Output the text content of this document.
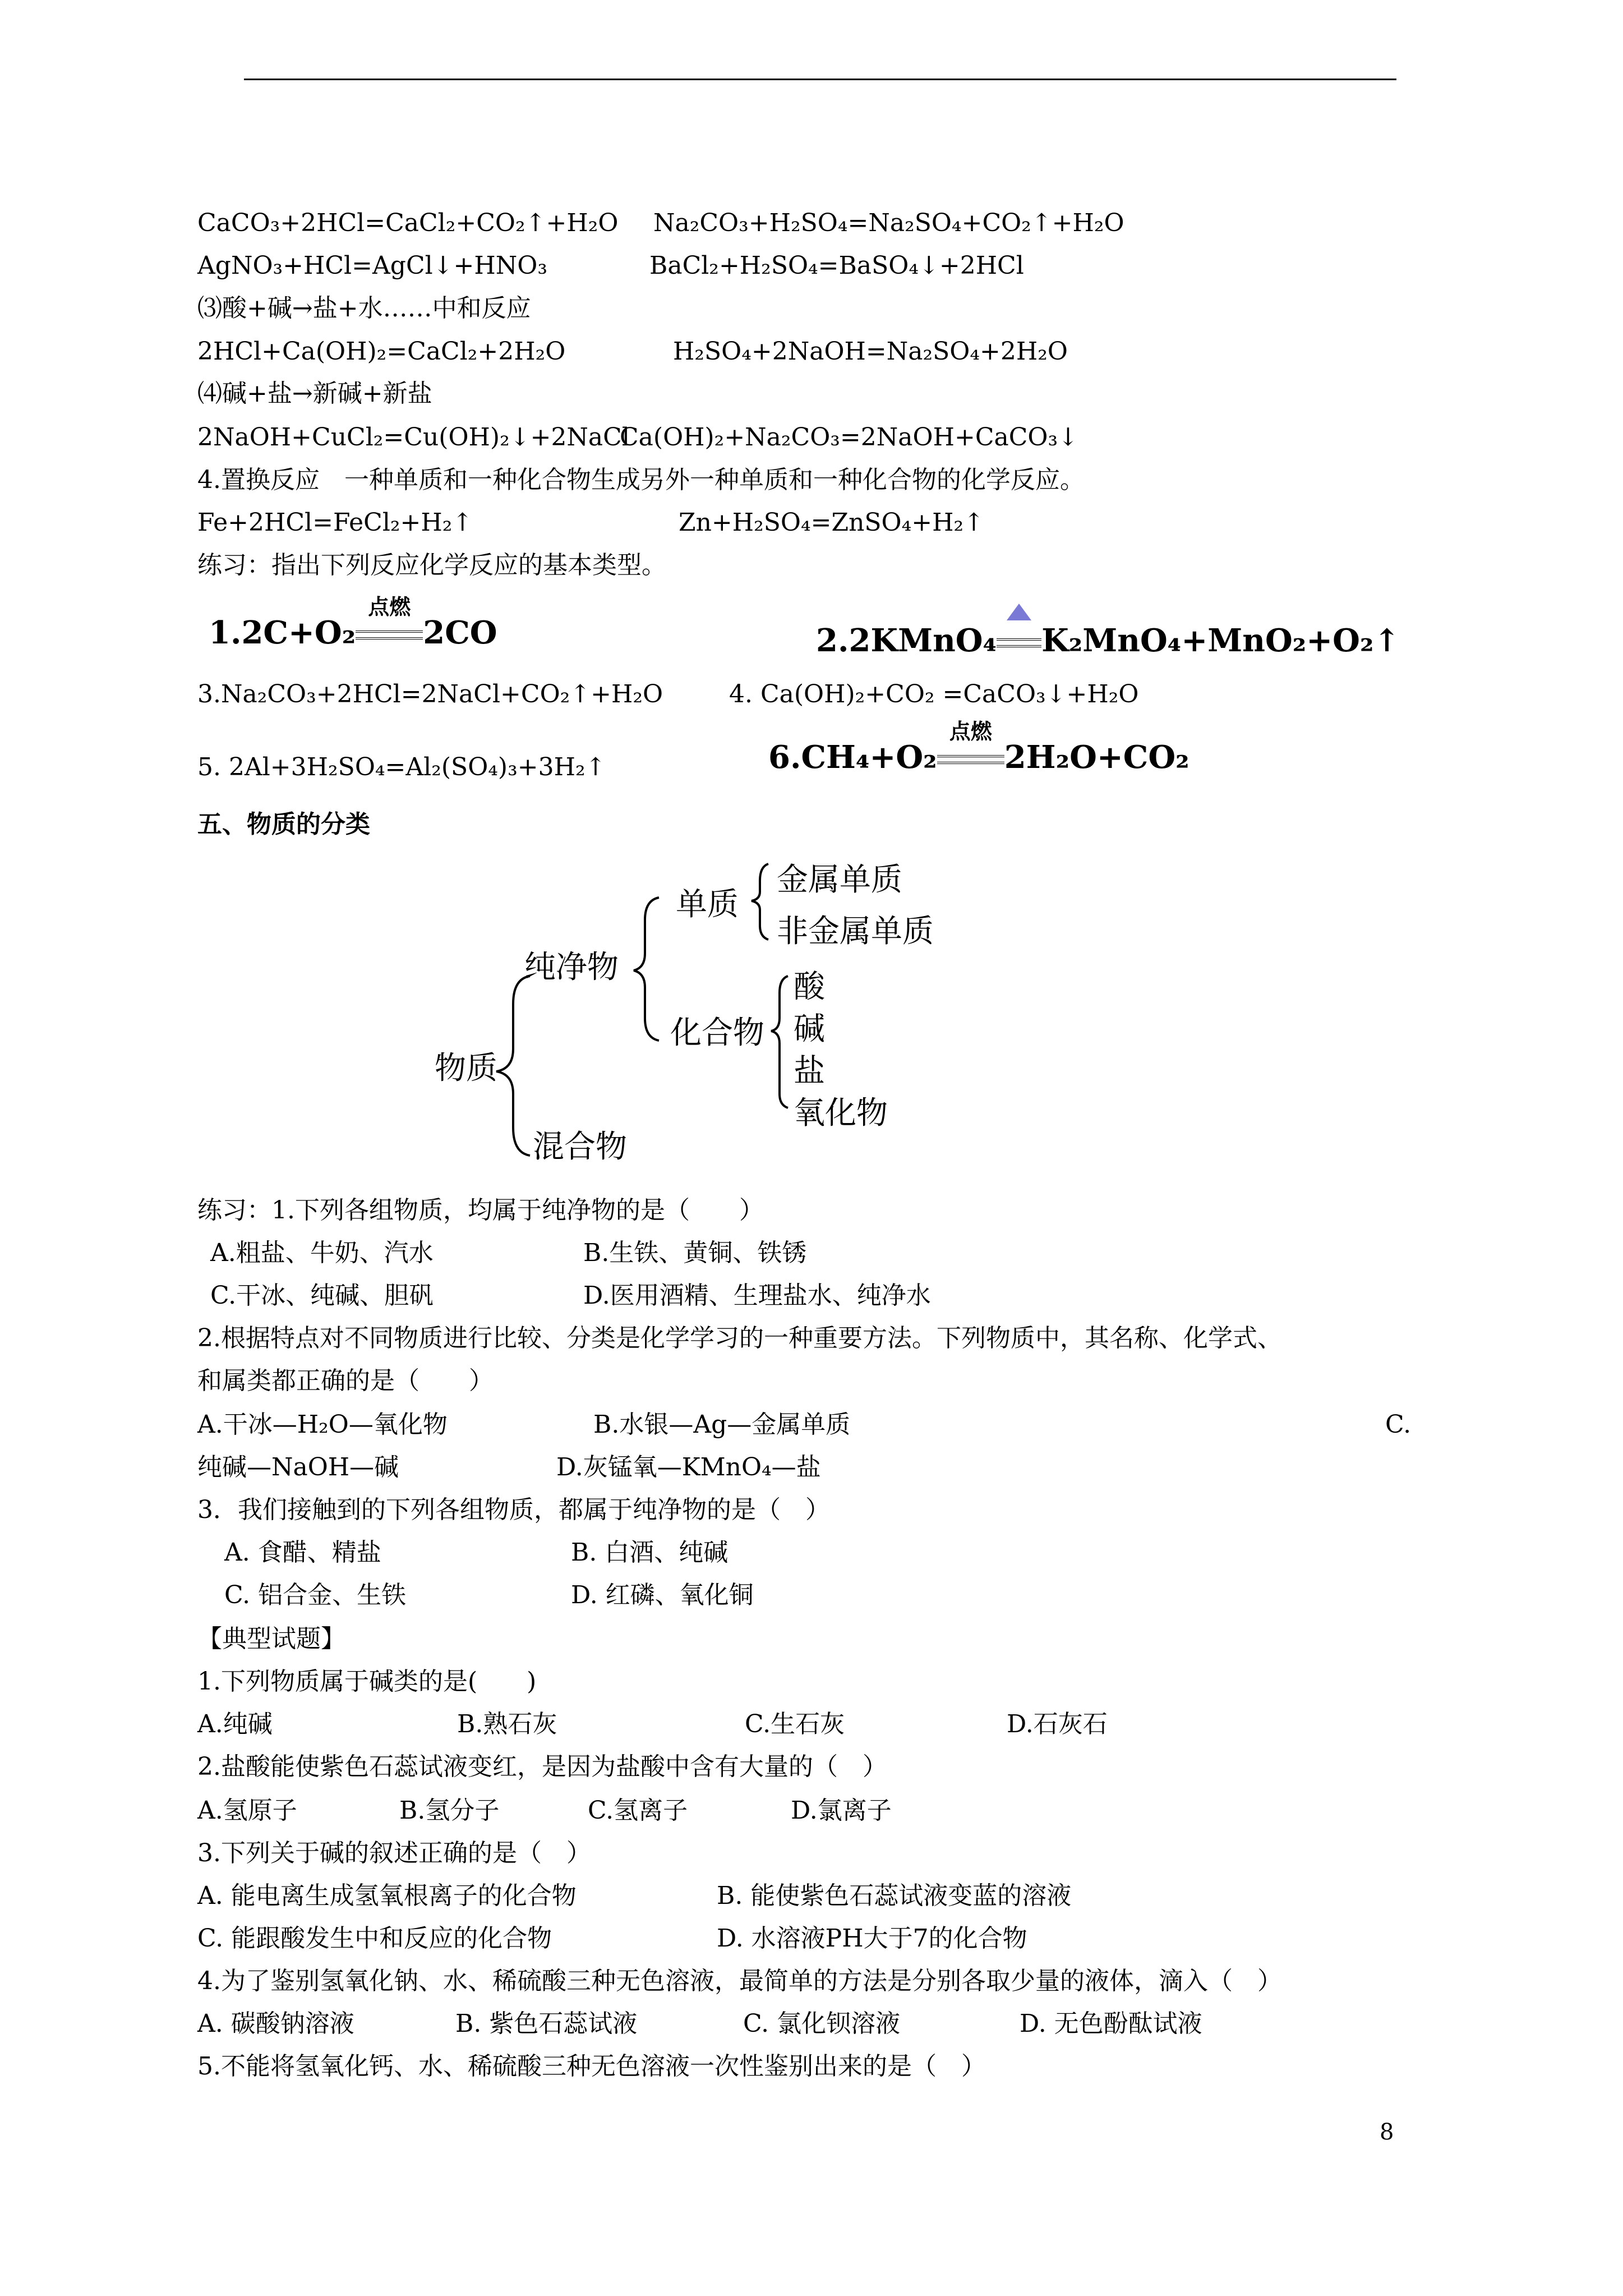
CaCO₃+2HCl=CaCl₂+CO₂↑+H₂O Na₂CO₃+H₂SO₄=Na₂SO₄+CO₂↑+H₂O
AgNO₃+HCl=AgCl↓+HNO₃	BaCl₂+H₂SO₄=BaSO₄↓+2HCl
⑶酸+碱→盐+水……中和反应
2HCl+Ca(OH)₂=CaCl₂+2H₂O	H₂SO₄+2NaOH=Na₂SO₄+2H₂O
⑷碱+盐→新碱+新盐
2NaOH+CuCl₂=Cu(OH)₂↓+2NaCl
Ca(OH)₂+Na₂CO₃=2NaOH+CaCO₃↓
4.置换反应　一种单质和一种化合物生成另外一种单质和一种化合物的化学反应。
Fe+2HCl=FeCl₂+H₂↑	Zn+H₂SO₄=ZnSO₄+H₂↑
练习：指出下列反应化学反应的基本类型。
1.2C+O₂
点燃
2CO	2.2KMnO₄ K₂MnO₄+MnO₂+O₂↑
3.Na₂CO₃+2HCl=2NaCl+CO₂↑+H₂O	4. Ca(OH)₂+CO₂ =CaCO₃↓+H₂O
5. 2Al+3H₂SO₄=Al₂(SO₄)₃+3H₂↑	6.CH₄+O₂
点燃
2H₂O+CO₂
五、物质的分类
物质
纯净物
混合物
单质
金属单质
非金属单质
化合物
酸
碱
盐
氧化物
练习：1.下列各组物质，均属于纯净物的是（　　）
A.粗盐、牛奶、汽水	B.生铁、黄铜、铁锈
C.干冰、纯碱、胆矾	D.医用酒精、生理盐水、纯净水
2.根据特点对不同物质进行比较、分类是化学学习的一种重要方法。下列物质中，其名称、化学式、
和属类都正确的是（　　）
A.干冰—H₂O—氧化物	B.水银—Ag—金属单质	C.
纯碱—NaOH—碱	D.灰锰氧—KMnO₄—盐
3．我们接触到的下列各组物质，都属于纯净物的是（　）
A. 食醋、精盐	B. 白酒、纯碱
C. 铝合金、生铁	D. 红磷、氧化铜
【典型试题】
1.下列物质属于碱类的是(　　)
A.纯碱	B.熟石灰	C.生石灰	D.石灰石
2.盐酸能使紫色石蕊试液变红，是因为盐酸中含有大量的（　）
A.氢原子	B.氢分子	C.氢离子	D.氯离子
3.下列关于碱的叙述正确的是（　）
A. 能电离生成氢氧根离子的化合物	B. 能使紫色石蕊试液变蓝的溶液
C. 能跟酸发生中和反应的化合物	D. 水溶液PH大于7的化合物
4.为了鉴别氢氧化钠、水、稀硫酸三种无色溶液，最简单的方法是分别各取少量的液体，滴入（　）
A. 碳酸钠溶液	B. 紫色石蕊试液	C. 氯化钡溶液	D. 无色酚酞试液
5.不能将氢氧化钙、水、稀硫酸三种无色溶液一次性鉴别出来的是（　）
8
